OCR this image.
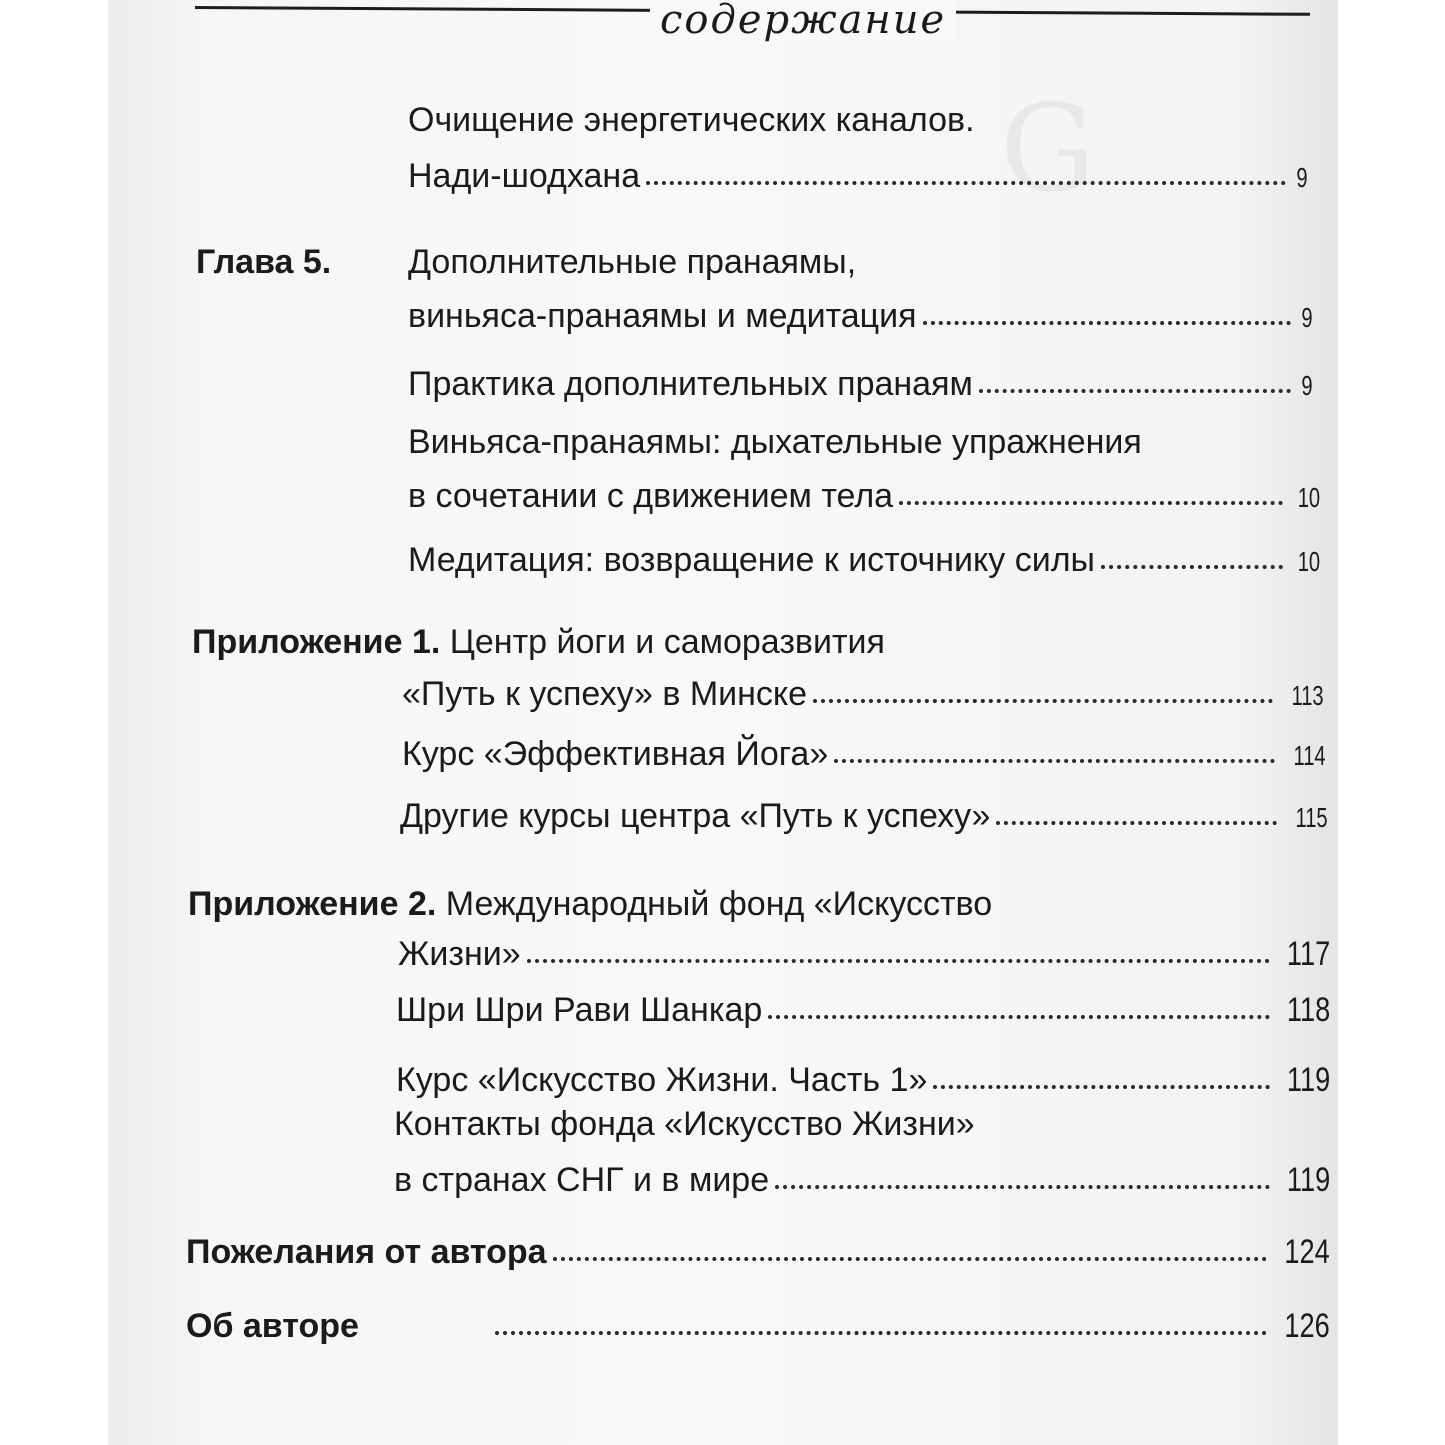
G
содержание
Очищение энергетических каналов.
Нади-шодхана	9
Глава 5. Дополнительные пранаямы,
виньяса-пранаямы и медитация	9
Практика дополнительных пранаям	9
Виньяса-пранаямы: дыхательные упражнения
в сочетании с движением тела	10
Медитация: возвращение к источнику силы	10
Приложение 1. Центр йоги и саморазвития
«Путь к успеху» в Минске	113
Курс «Эффективная Йога»	114
Другие курсы центра «Путь к успеху»	115
Приложение 2. Международный фонд «Искусство
Жизни»	117
Шри Шри Рави Шанкар	118
Курс «Искусство Жизни. Часть 1»	119
Контакты фонда «Искусство Жизни»
в странах СНГ и в мире	119
Пожелания от автора	124
Об авторе	126
